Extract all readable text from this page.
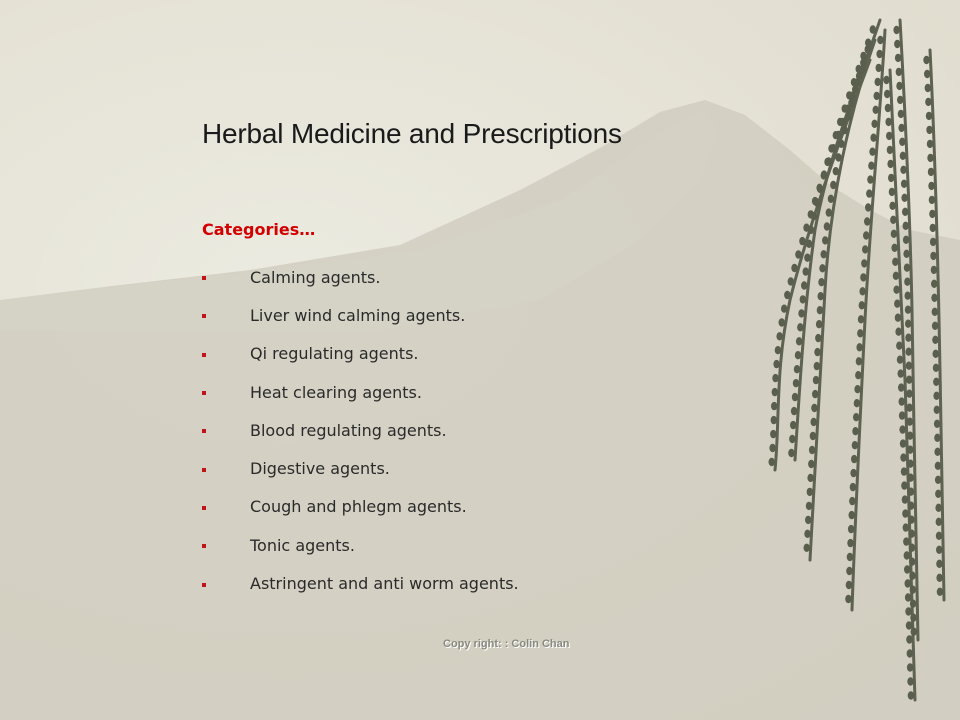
Herbal Medicine and Prescriptions
Categories…
Calming agents.
Liver wind calming agents.
Qi regulating agents.
Heat clearing agents.
Blood regulating agents.
Digestive agents.
Cough and phlegm agents.
Tonic agents.
Astringent and anti worm agents.
Copy right: : Colin Chan
